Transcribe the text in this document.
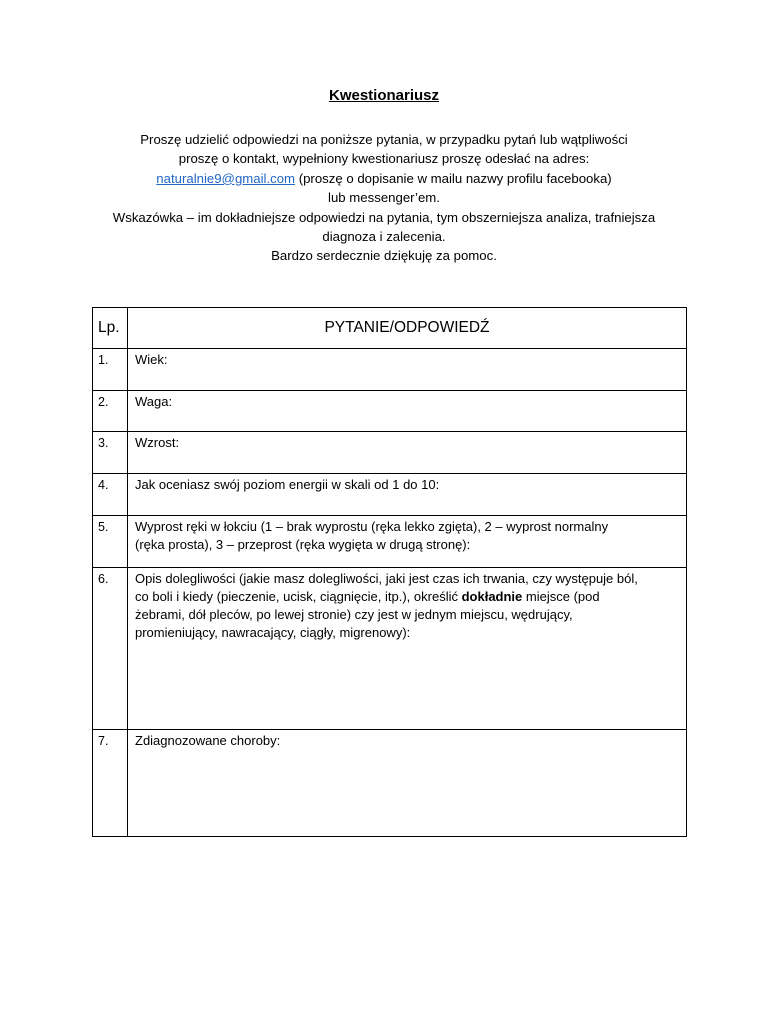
Kwestionariusz
Proszę udzielić odpowiedzi na poniższe pytania, w przypadku pytań lub wątpliwości
proszę o kontakt, wypełniony kwestionariusz proszę odesłać na adres:
naturalnie9@gmail.com (proszę o dopisanie w mailu nazwy profilu facebooka)
lub messenger’em.
Wskazówka – im dokładniejsze odpowiedzi na pytania, tym obszerniejsza analiza, trafniejsza
diagnoza i zalecenia.
Bardzo serdecznie dziękuję za pomoc.
Lp.	PYTANIE/ODPOWIEDŹ

1.	Wiek:

2.	Waga:

3.	Wzrost:

4.	Jak oceniasz swój poziom energii w skali od 1 do 10:

5.	Wyprost ręki w łokciu (1 – brak wyprostu (ręka lekko zgięta), 2 – wyprost normalny
(ręka prosta), 3 – przeprost (ręka wygięta w drugą stronę):

6.	Opis dolegliwości (jakie masz dolegliwości, jaki jest czas ich trwania, czy występuje ból,
co boli i kiedy (pieczenie, ucisk, ciągnięcie, itp.), określić dokładnie miejsce (pod
żebrami, dół pleców, po lewej stronie) czy jest w jednym miejscu, wędrujący,
promieniujący, nawracający, ciągły, migrenowy):

7.	Zdiagnozowane choroby:
